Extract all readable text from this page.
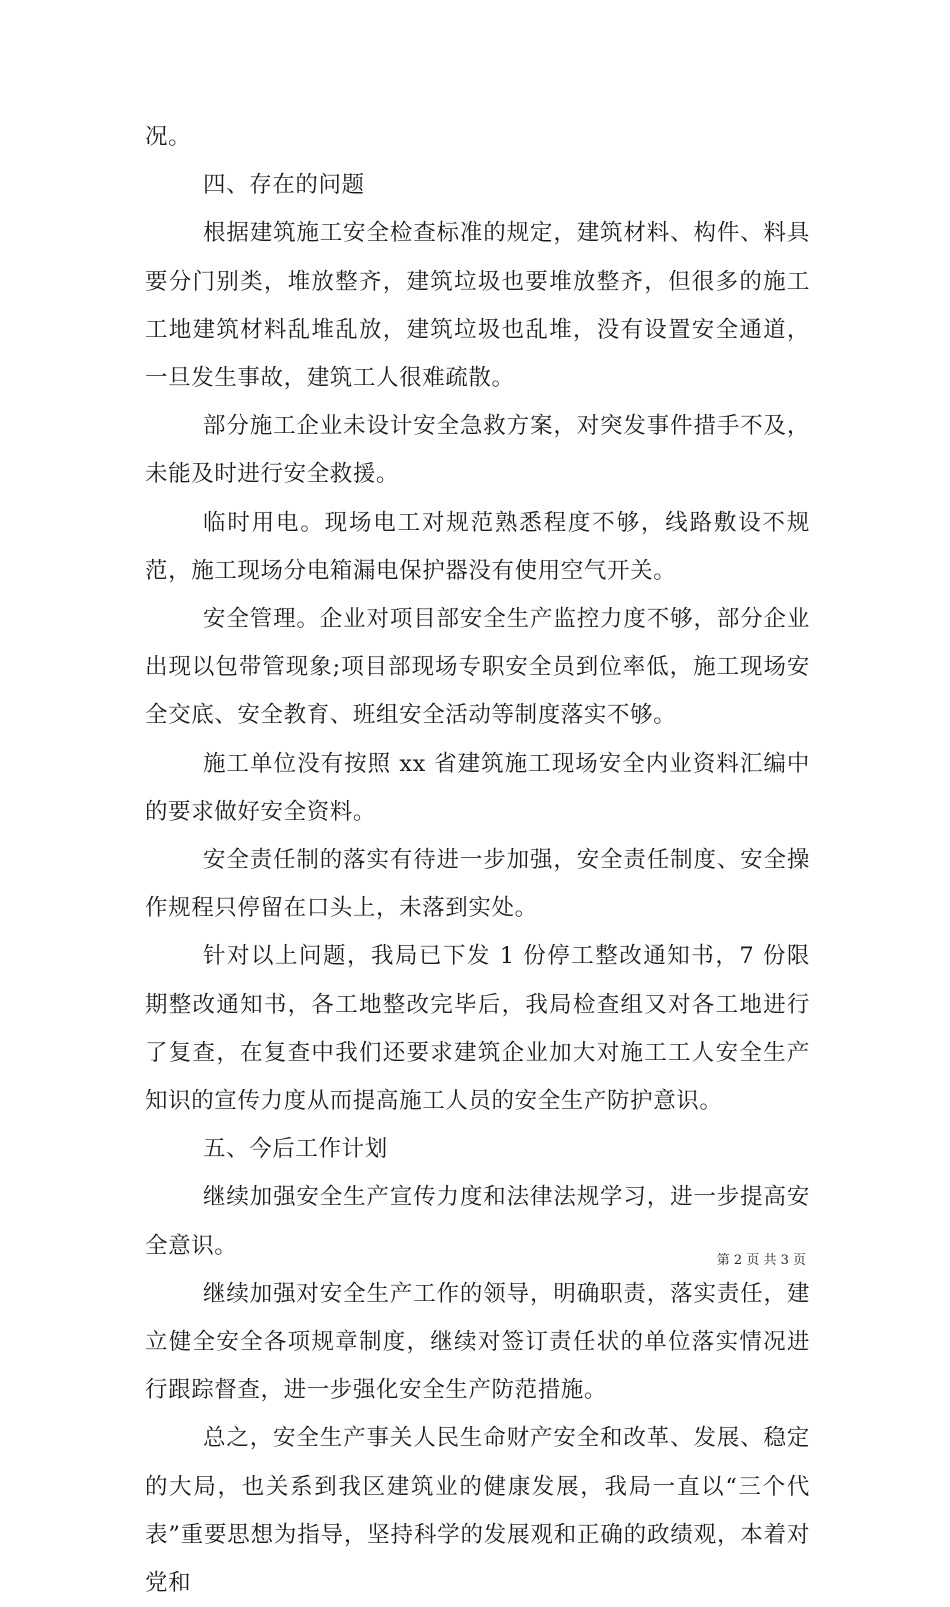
况。

四、存在的问题

根据建筑施工安全检查标准的规定，建筑材料、构件、料具要分门别类，堆放整齐，建筑垃圾也要堆放整齐，但很多的施工工地建筑材料乱堆乱放，建筑垃圾也乱堆，没有设置安全通道，一旦发生事故，建筑工人很难疏散。

部分施工企业未设计安全急救方案，对突发事件措手不及，未能及时进行安全救援。

临时用电。现场电工对规范熟悉程度不够，线路敷设不规范，施工现场分电箱漏电保护器没有使用空气开关。

安全管理。企业对项目部安全生产监控力度不够，部分企业出现以包带管现象;项目部现场专职安全员到位率低，施工现场安全交底、安全教育、班组安全活动等制度落实不够。

施工单位没有按照 xx 省建筑施工现场安全内业资料汇编中的要求做好安全资料。

安全责任制的落实有待进一步加强，安全责任制度、安全操作规程只停留在口头上，未落到实处。

针对以上问题，我局已下发 1 份停工整改通知书，7 份限期整改通知书，各工地整改完毕后，我局检查组又对各工地进行了复查，在复查中我们还要求建筑企业加大对施工工人安全生产知识的宣传力度从而提高施工人员的安全生产防护意识。

五、今后工作计划

继续加强安全生产宣传力度和法律法规学习，进一步提高安全意识。

继续加强对安全生产工作的领导，明确职责，落实责任，建立健全安全各项规章制度，继续对签订责任状的单位落实情况进行跟踪督查，进一步强化安全生产防范措施。

总之，安全生产事关人民生命财产安全和改革、发展、稳定的大局，也关系到我区建筑业的健康发展，我局一直以“三个代表”重要思想为指导，坚持科学的发展观和正确的政绩观，本着对党和

第 2 页 共 3 页
